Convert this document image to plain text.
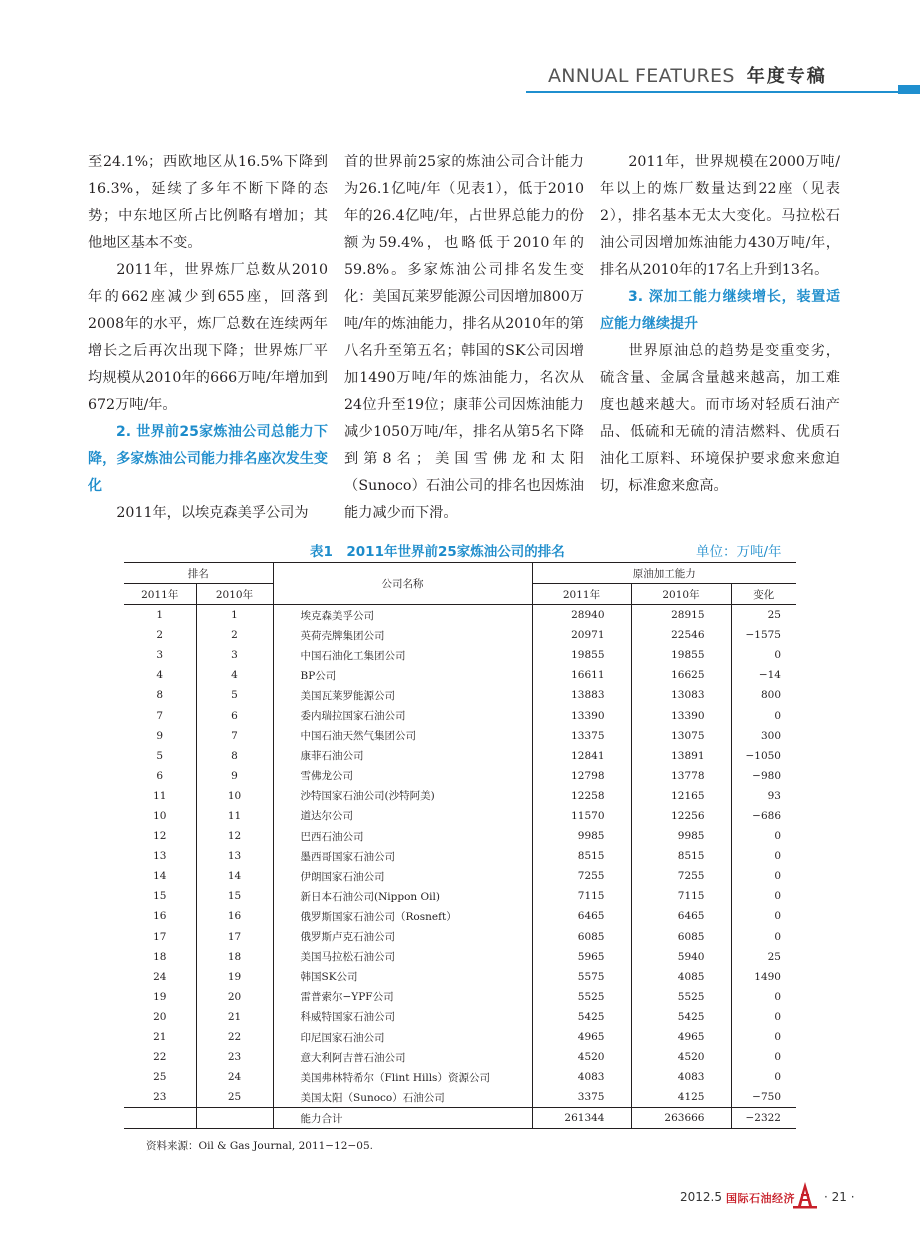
ANNUAL FEATURES 年度专稿

至24.1%；西欧地区从16.5%下降到16.3%，延续了多年不断下降的态势；中东地区所占比例略有增加；其他地区基本不变。

2011年，世界炼厂总数从2010年的662座减少到655座，回落到2008年的水平，炼厂总数在连续两年增长之后再次出现下降；世界炼厂平均规模从2010年的666万吨/年增加到672万吨/年。

2. 世界前25家炼油公司总能力下降，多家炼油公司能力排名座次发生变化

2011年，以埃克森美孚公司为

首的世界前25家的炼油公司合计能力为26.1亿吨/年（见表1），低于2010年的26.4亿吨/年，占世界总能力的份额为59.4%，也略低于2010年的59.8%。多家炼油公司排名发生变化：美国瓦莱罗能源公司因增加800万吨/年的炼油能力，排名从2010年的第八名升至第五名；韩国的SK公司因增加1490万吨/年的炼油能力，名次从24位升至19位；康菲公司因炼油能力减少1050万吨/年，排名从第5名下降到第8名；美国雪佛龙和太阳（Sunoco）石油公司的排名也因炼油能力减少而下滑。

2011年，世界规模在2000万吨/年以上的炼厂数量达到22座（见表2），排名基本无太大变化。马拉松石油公司因增加炼油能力430万吨/年，排名从2010年的17名上升到13名。

3. 深加工能力继续增长，装置适应能力继续提升

世界原油总的趋势是变重变劣，硫含量、金属含量越来越高，加工难度也越来越大。而市场对轻质石油产品、低硫和无硫的清洁燃料、优质石油化工原料、环境保护要求愈来愈迫切，标准愈来愈高。

表1　2011年世界前25家炼油公司的排名	单位：万吨/年
排名		公司名称	原油加工能力		
2011年	2010年		2011年	2010年	变化
1	1	埃克森美孚公司	28940	28915	25
2	2	英荷壳牌集团公司	20971	22546	−1575
3	3	中国石油化工集团公司	19855	19855	0
4	4	BP公司	16611	16625	−14
8	5	美国瓦莱罗能源公司	13883	13083	800
7	6	委内瑞拉国家石油公司	13390	13390	0
9	7	中国石油天然气集团公司	13375	13075	300
5	8	康菲石油公司	12841	13891	−1050
6	9	雪佛龙公司	12798	13778	−980
11	10	沙特国家石油公司(沙特阿美)	12258	12165	93
10	11	道达尔公司	11570	12256	−686
12	12	巴西石油公司	9985	9985	0
13	13	墨西哥国家石油公司	8515	8515	0
14	14	伊朗国家石油公司	7255	7255	0
15	15	新日本石油公司(Nippon Oil)	7115	7115	0
16	16	俄罗斯国家石油公司（Rosneft）	6465	6465	0
17	17	俄罗斯卢克石油公司	6085	6085	0
18	18	美国马拉松石油公司	5965	5940	25
24	19	韩国SK公司	5575	4085	1490
19	20	雷普索尔−YPF公司	5525	5525	0
20	21	科威特国家石油公司	5425	5425	0
21	22	印尼国家石油公司	4965	4965	0
22	23	意大利阿吉普石油公司	4520	4520	0
25	24	美国弗林特希尔（Flint Hills）资源公司	4083	4083	0
23	25	美国太阳（Sunoco）石油公司	3375	4125	−750
		能力合计	261344	263666	−2322
资料来源：Oil & Gas Journal, 2011−12−05.
2012.5 国际石油经济 · 21 ·
